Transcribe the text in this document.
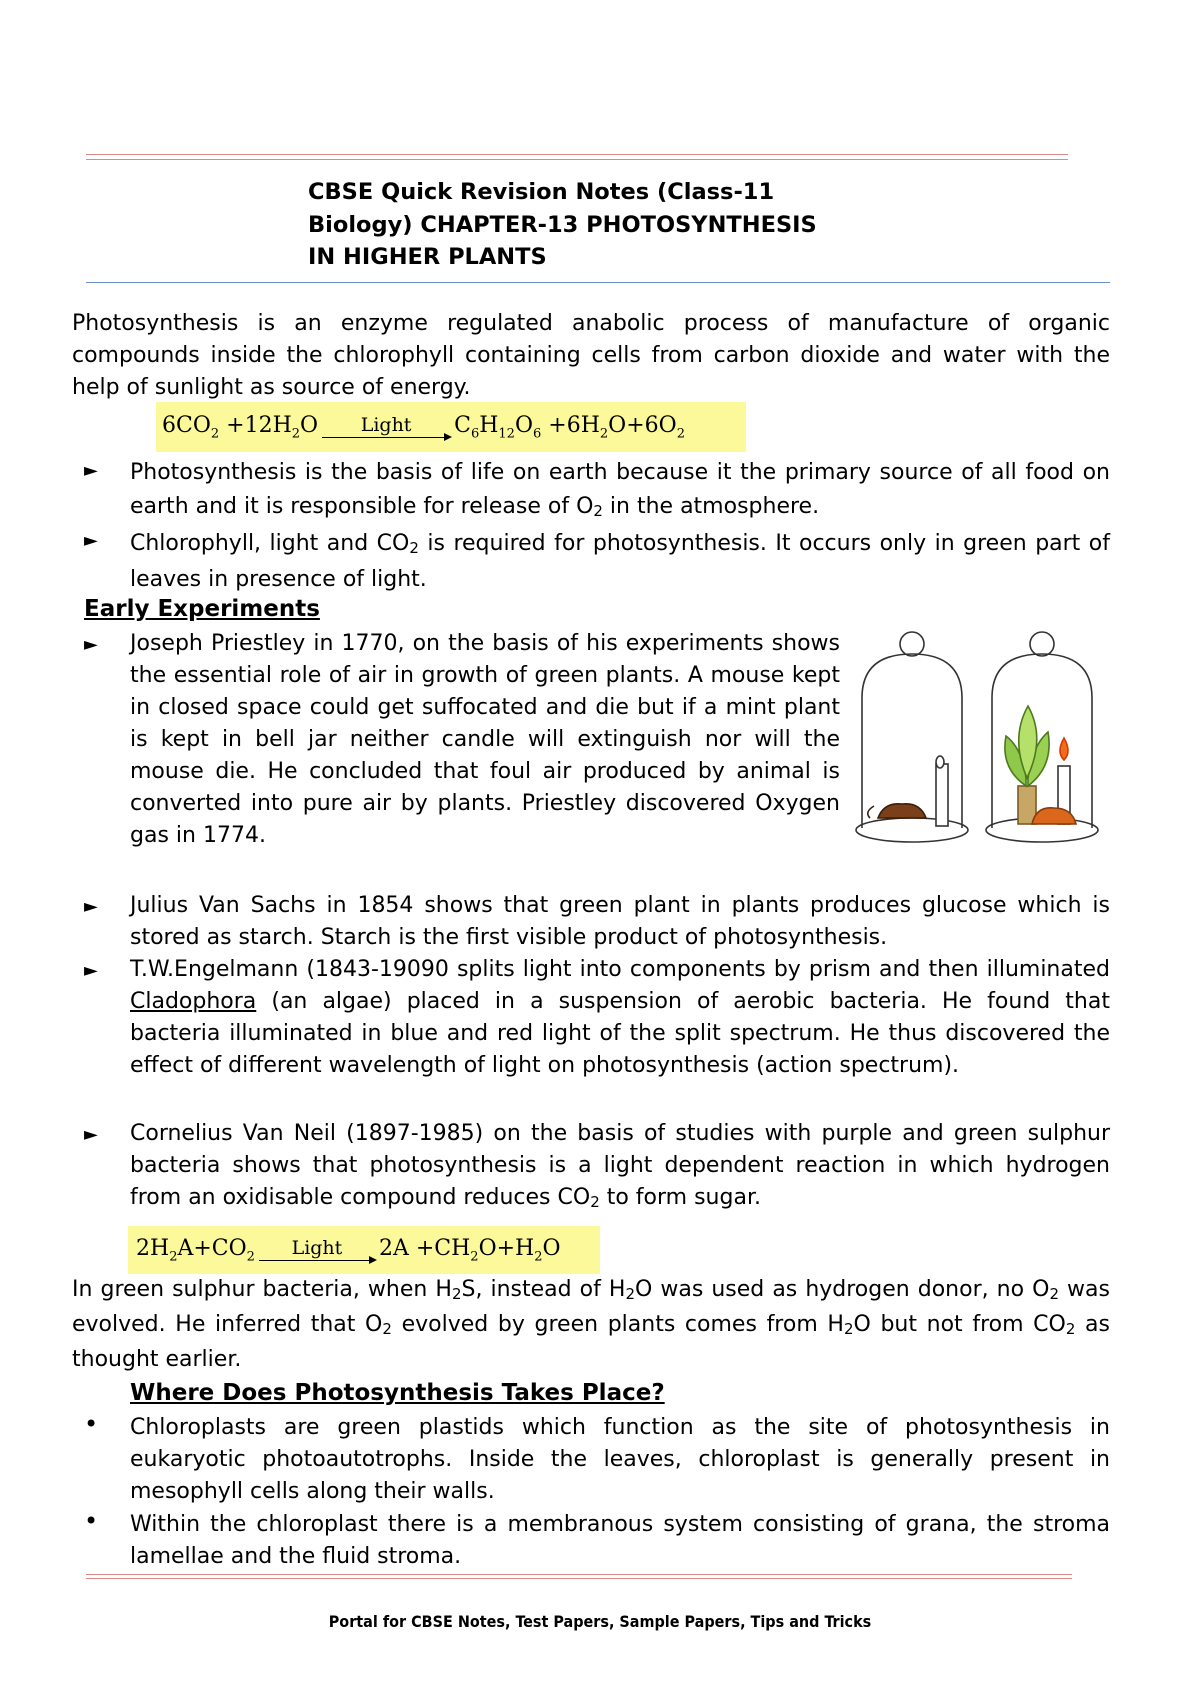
CBSE Quick Revision Notes (Class-11
Biology) CHAPTER-13 PHOTOSYNTHESIS
IN HIGHER PLANTS
Photosynthesis is an enzyme regulated anabolic process of manufacture of organic compounds inside the chlorophyll containing cells from carbon dioxide and water with the help of sunlight as source of energy.
$6CO_2 +12H_2O$ Light $C_6H_{12}O_6 +6H_2O+6O_2$
► Photosynthesis is the basis of life on earth because it the primary source of all food on earth and it is responsible for release of $O_2$ in the atmosphere.
► Chlorophyll, light and $CO_2$ is required for photosynthesis. It occurs only in green part of leaves in presence of light.
Early Experiments
► Joseph Priestley in 1770, on the basis of his experiments shows the essential role of air in growth of green plants. A mouse kept in closed space could get suffocated and die but if a mint plant is kept in bell jar neither candle will extinguish nor will the mouse die. He concluded that foul air produced by animal is converted into pure air by plants. Priestley discovered Oxygen gas in 1774.
► Julius Van Sachs in 1854 shows that green plant in plants produces glucose which is stored as starch. Starch is the first visible product of photosynthesis.
► T.W.Engelmann (1843-19090 splits light into components by prism and then illuminated Cladophora (an algae) placed in a suspension of aerobic bacteria. He found that bacteria illuminated in blue and red light of the split spectrum. He thus discovered the effect of different wavelength of light on photosynthesis (action spectrum).
► Cornelius Van Neil (1897-1985) on the basis of studies with purple and green sulphur bacteria shows that photosynthesis is a light dependent reaction in which hydrogen from an oxidisable compound reduces $CO_2$ to form sugar.
$2H_2A+CO_2$ Light $2A +CH_2O+H_2O$
In green sulphur bacteria, when $H_2S$, instead of $H_2O$ was used as hydrogen donor, no $O_2$ was evolved. He inferred that $O_2$ evolved by green plants comes from $H_2O$ but not from $CO_2$ as thought earlier.
Where Does Photosynthesis Takes Place?
• Chloroplasts are green plastids which function as the site of photosynthesis in eukaryotic photoautotrophs. Inside the leaves, chloroplast is generally present in mesophyll cells along their walls.
• Within the chloroplast there is a membranous system consisting of grana, the stroma lamellae and the fluid stroma.
Portal for CBSE Notes, Test Papers, Sample Papers, Tips and Tricks
